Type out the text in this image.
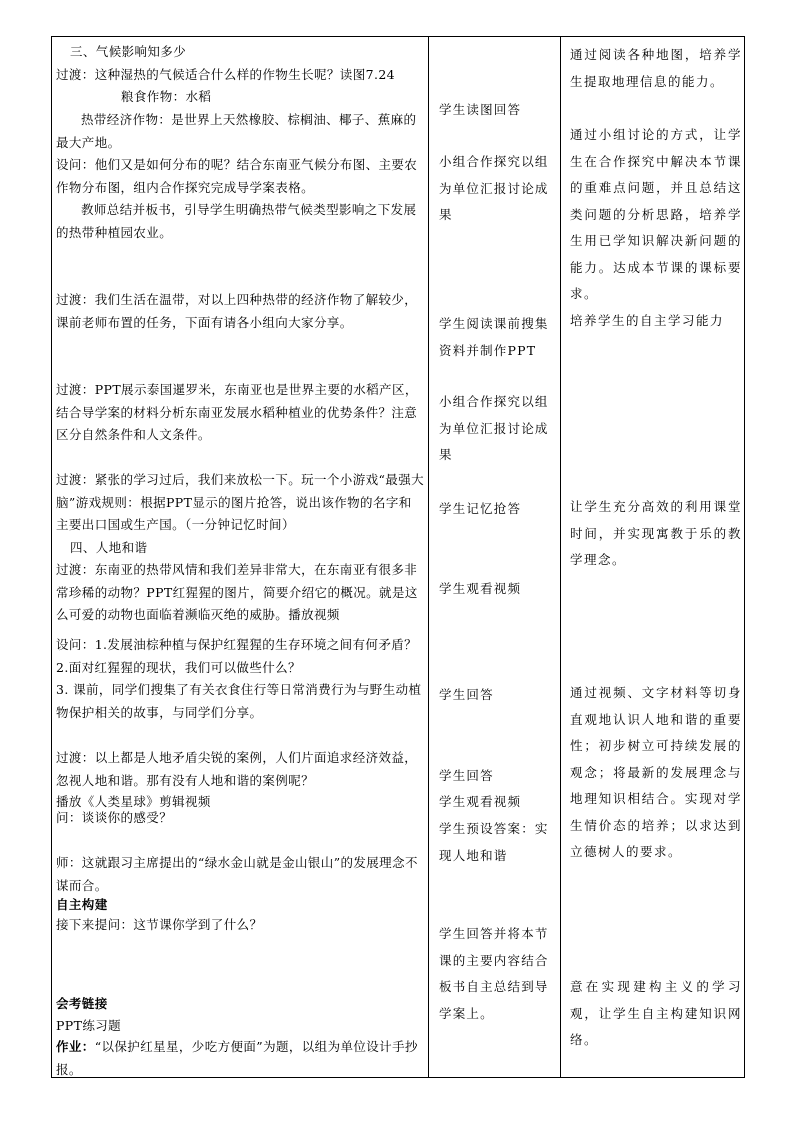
三、气候影响知多少
过渡：这种湿热的气候适合什么样的作物生长呢？读图7.24
粮食作物：水稻
热带经济作物：是世界上天然橡胶、棕榈油、椰子、蕉麻的最大产地。
设问：他们又是如何分布的呢？结合东南亚气候分布图、主要农作物分布图，组内合作探究完成导学案表格。
教师总结并板书，引导学生明确热带气候类型影响之下发展的热带种植园农业。
过渡：我们生活在温带，对以上四种热带的经济作物了解较少，课前老师布置的任务，下面有请各小组向大家分享。
过渡：PPT展示泰国暹罗米，东南亚也是世界主要的水稻产区，结合导学案的材料分析东南亚发展水稻种植业的优势条件？注意区分自然条件和人文条件。
过渡：紧张的学习过后，我们来放松一下。玩一个小游戏“最强大脑”游戏规则：根据PPT显示的图片抢答，说出该作物的名字和主要出口国或生产国。（一分钟记忆时间）
四、人地和谐
过渡：东南亚的热带风情和我们差异非常大，在东南亚有很多非常珍稀的动物？PPT红猩猩的图片，简要介绍它的概况。就是这么可爱的动物也面临着濒临灭绝的威胁。播放视频
设问：1.发展油棕种植与保护红猩猩的生存环境之间有何矛盾？2.面对红猩猩的现状，我们可以做些什么？
3. 课前，同学们搜集了有关衣食住行等日常消费行为与野生动植物保护相关的故事，与同学们分享。
过渡：以上都是人地矛盾尖锐的案例，人们片面追求经济效益，忽视人地和谐。那有没有人地和谐的案例呢？
播放《人类星球》剪辑视频
问：谈谈你的感受？
师：这就跟习主席提出的“绿水金山就是金山银山”的发展理念不谋而合。
自主构建
接下来提问：这节课你学到了什么？
会考链接
PPT练习题
作业：“以保护红星星，少吃方便面”为题，以组为单位设计手抄报。
学生读图回答
小组合作探究以组为单位汇报讨论成果
学生阅读课前搜集资料并制作PPT
小组合作探究以组为单位汇报讨论成果
学生记忆抢答
学生观看视频
学生回答
学生回答
学生观看视频
学生预设答案：实现人地和谐
学生回答并将本节课的主要内容结合板书自主总结到导学案上。
通过阅读各种地图，培养学生提取地理信息的能力。
通过小组讨论的方式，让学生在合作探究中解决本节课的重难点问题，并且总结这类问题的分析思路，培养学生用已学知识解决新问题的能力。达成本节课的课标要求。
培养学生的自主学习能力
让学生充分高效的利用课堂时间，并实现寓教于乐的教学理念。
通过视频、文字材料等切身直观地认识人地和谐的重要性；初步树立可持续发展的观念；将最新的发展理念与地理知识相结合。实现对学生情价态的培养；以求达到立德树人的要求。
意在实现建构主义的学习观，让学生自主构建知识网络。
